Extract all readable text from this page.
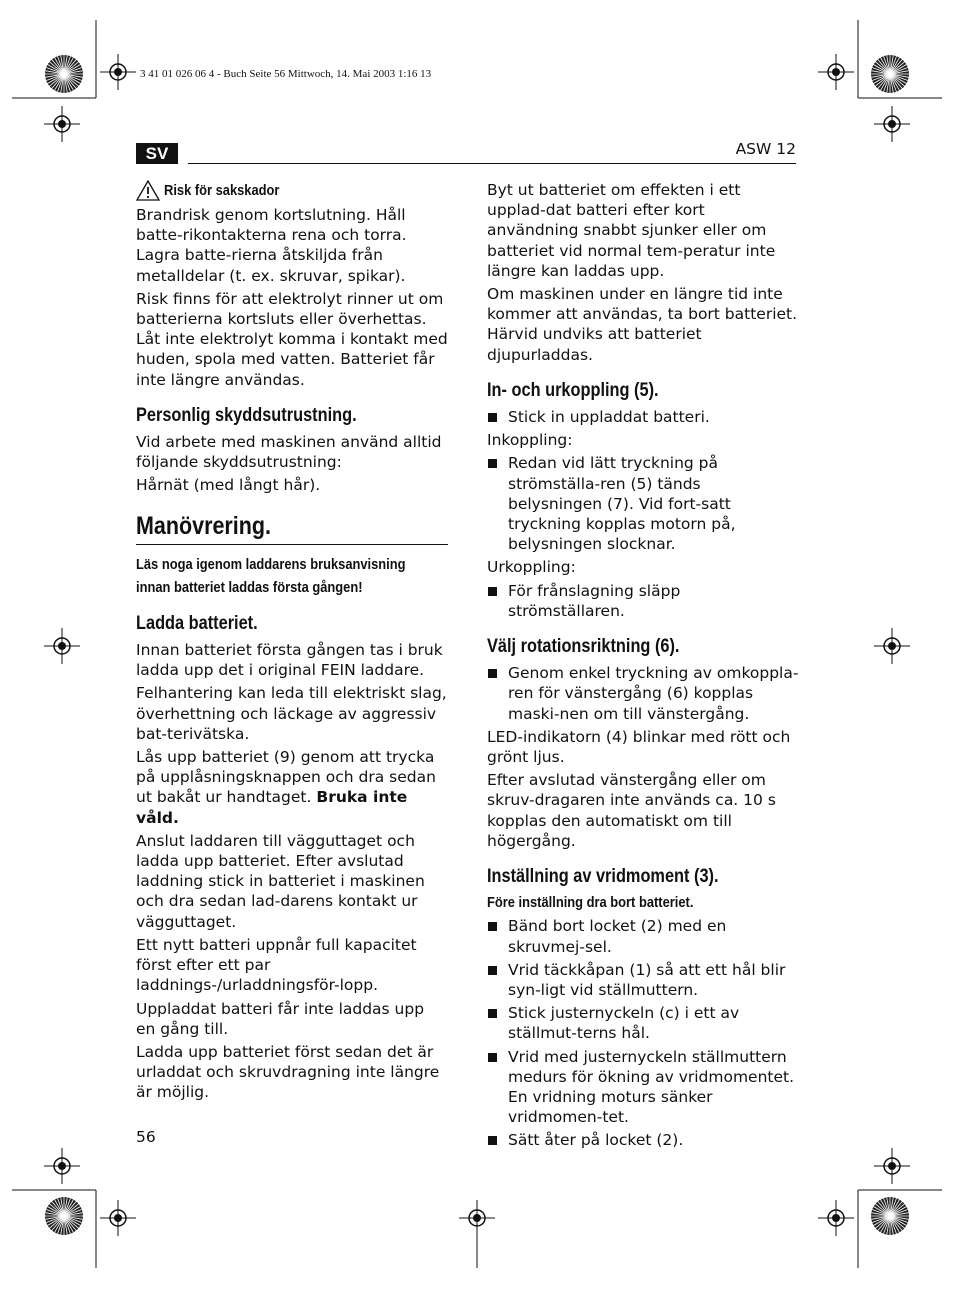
3 41 01 026 06 4 - Buch Seite 56 Mittwoch, 14. Mai 2003 1:16 13
SV	ASW 12
Risk för sakskador

Brandrisk genom kortslutning. Håll batte-rikontakterna rena och torra. Lagra batte-rierna åtskiljda från metalldelar (t. ex. skruvar, spikar).

Risk finns för att elektrolyt rinner ut om batterierna kortsluts eller överhettas. Låt inte elektrolyt komma i kontakt med huden, spola med vatten. Batteriet får inte längre användas.

Personlig skyddsutrustning.

Vid arbete med maskinen använd alltid följande skyddsutrustning:

Hårnät (med långt hår).

Manövrering.
Läs noga igenom laddarens bruksanvisning
innan batteriet laddas första gången!
Ladda batteriet.

Innan batteriet första gången tas i bruk ladda upp det i original FEIN laddare.

Felhantering kan leda till elektriskt slag, överhettning och läckage av aggressiv bat-terivätska.

Lås upp batteriet (9) genom att trycka på upplåsningsknappen och dra sedan ut bakåt ur handtaget. Bruka inte våld.

Anslut laddaren till vägguttaget och ladda upp batteriet. Efter avslutad laddning stick in batteriet i maskinen och dra sedan lad-darens kontakt ur vägguttaget.

Ett nytt batteri uppnår full kapacitet först efter ett par laddnings-/urladdningsför-lopp.

Uppladdat batteri får inte laddas upp en gång till.

Ladda upp batteriet först sedan det är urladdat och skruvdragning inte längre är möjlig.

Byt ut batteriet om effekten i ett upplad-dat batteri efter kort användning snabbt sjunker eller om batteriet vid normal tem-peratur inte längre kan laddas upp.

Om maskinen under en längre tid inte kommer att användas, ta bort batteriet. Härvid undviks att batteriet djupurladdas.

In- och urkoppling (5).
Stick in uppladdat batteri.

Inkoppling:

Redan vid lätt tryckning på strömställa-ren (5) tänds belysningen (7). Vid fort-satt tryckning kopplas motorn på, belysningen slocknar.

Urkoppling:

För frånslagning släpp strömställaren.
Välj rotationsriktning (6).
Genom enkel tryckning av omkoppla-ren för vänstergång (6) kopplas maski-nen om till vänstergång.

LED-indikatorn (4) blinkar med rött och grönt ljus.

Efter avslutad vänstergång eller om skruv-dragaren inte används ca. 10 s kopplas den automatiskt om till högergång.

Inställning av vridmoment (3).
Före inställning dra bort batteriet.
Bänd bort locket (2) med en skruvmej-sel.
Vrid täckkåpan (1) så att ett hål blir syn-ligt vid ställmuttern.
Stick justernyckeln (c) i ett av ställmut-terns hål.
Vrid med justernyckeln ställmuttern medurs för ökning av vridmomentet. En vridning moturs sänker vridmomen-tet.
Sätt åter på locket (2).
56
